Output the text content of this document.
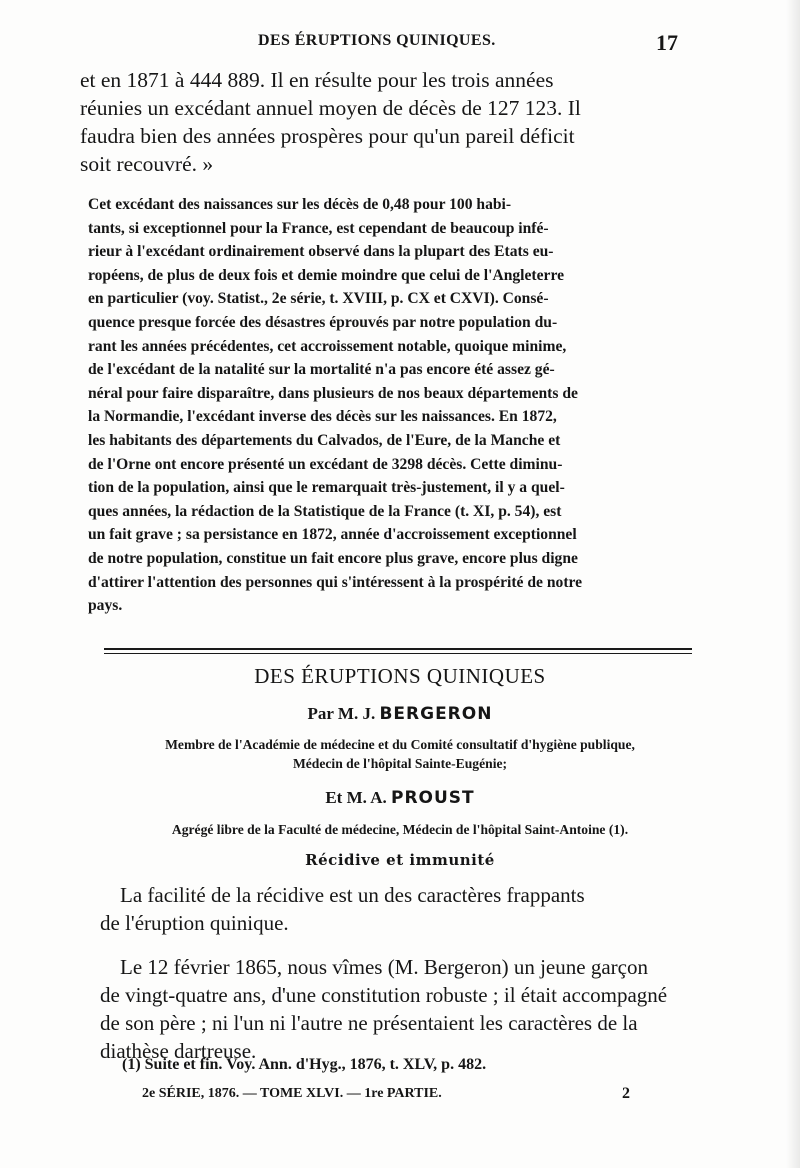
DES ÉRUPTIONS QUINIQUES.	17
et en 1871 à 444 889. Il en résulte pour les trois années
réunies un excédant annuel moyen de décès de 127 123. Il
faudra bien des années prospères pour qu'un pareil déficit
soit recouvré. »
Cet excédant des naissances sur les décès de 0,48 pour 100 habi-
tants, si exceptionnel pour la France, est cependant de beaucoup infé-
rieur à l'excédant ordinairement observé dans la plupart des Etats eu-
ropéens, de plus de deux fois et demie moindre que celui de l'Angleterre
en particulier (voy. Statist., 2e série, t. XVIII, p. CX et CXVI). Consé-
quence presque forcée des désastres éprouvés par notre population du-
rant les années précédentes, cet accroissement notable, quoique minime,
de l'excédant de la natalité sur la mortalité n'a pas encore été assez gé-
néral pour faire disparaître, dans plusieurs de nos beaux départements de
la Normandie, l'excédant inverse des décès sur les naissances. En 1872,
les habitants des départements du Calvados, de l'Eure, de la Manche et
de l'Orne ont encore présenté un excédant de 3298 décès. Cette diminu-
tion de la population, ainsi que le remarquait très-justement, il y a quel-
ques années, la rédaction de la Statistique de la France (t. XI, p. 54), est
un fait grave ; sa persistance en 1872, année d'accroissement exceptionnel
de notre population, constitue un fait encore plus grave, encore plus digne
d'attirer l'attention des personnes qui s'intéressent à la prospérité de notre
pays.
DES ÉRUPTIONS QUINIQUES
Par M. J. BERGERON
Membre de l'Académie de médecine et du Comité consultatif d'hygiène publique,
Médecin de l'hôpital Sainte-Eugénie;
Et M. A. PROUST
Agrégé libre de la Faculté de médecine, Médecin de l'hôpital Saint-Antoine (1).
Récidive et immunité
La facilité de la récidive est un des caractères frappants
de l'éruption quinique.
Le 12 février 1865, nous vîmes (M. Bergeron) un jeune garçon
de vingt-quatre ans, d'une constitution robuste ; il était accompagné
de son père ; ni l'un ni l'autre ne présentaient les caractères de la
diathèse dartreuse.
(1) Suite et fin. Voy. Ann. d'Hyg., 1876, t. XLV, p. 482.
2e SÉRIE, 1876. — TOME XLVI. — 1re PARTIE.	2
